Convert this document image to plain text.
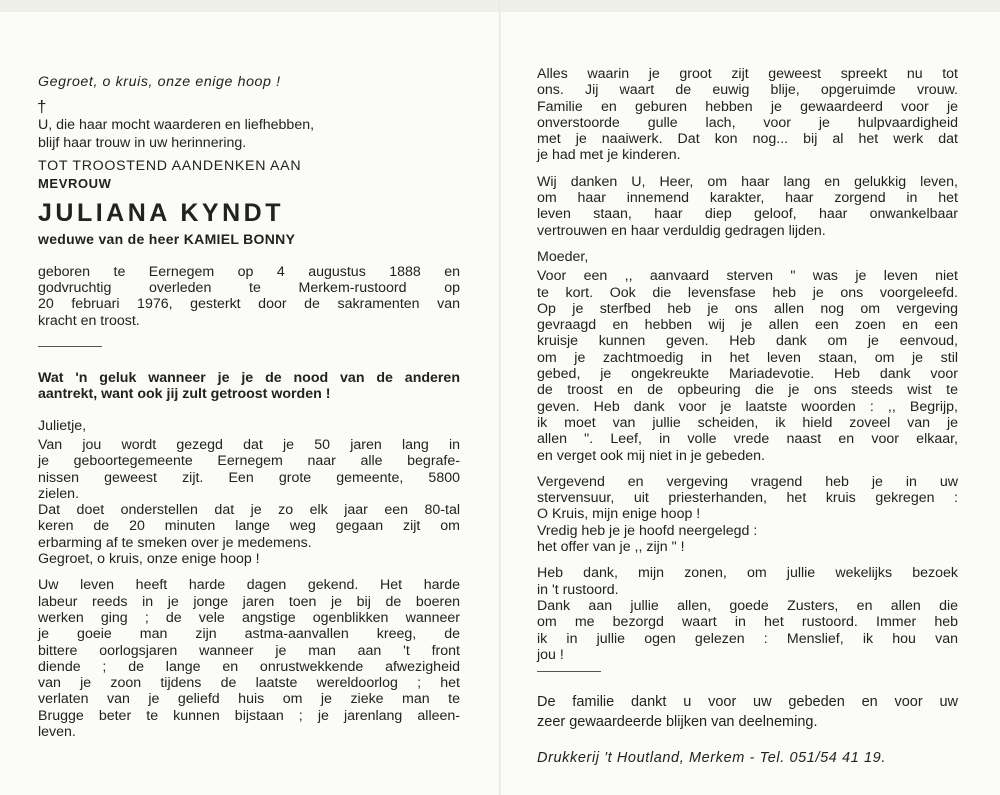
Gegroet, o kruis, onze enige hoop !

†

U, die haar mocht waarderen en liefhebben,

blijf haar trouw in uw herinnering.

TOT TROOSTEND AANDENKEN AAN

MEVROUW

JULIANA KYNDT

weduwe van de heer KAMIEL BONNY

geboren te Eernegem op 4 augustus 1888 en

godvruchtig overleden te Merkem-rustoord op

20 februari 1976, gesterkt door de sakramenten van

kracht en troost.

Wat 'n geluk wanneer je je de nood van de anderen

aantrekt, want ook jij zult getroost worden !

Julietje,

Van jou wordt gezegd dat je 50 jaren lang in

je geboortegemeente Eernegem naar alle begrafe-

nissen geweest zijt. Een grote gemeente, 5800

zielen.

Dat doet onderstellen dat je zo elk jaar een 80-tal

keren de 20 minuten lange weg gegaan zijt om

erbarming af te smeken over je medemens.

Gegroet, o kruis, onze enige hoop !

Uw leven heeft harde dagen gekend. Het harde

labeur reeds in je jonge jaren toen je bij de boeren

werken ging ; de vele angstige ogenblikken wanneer

je goeie man zijn astma-aanvallen kreeg, de

bittere oorlogsjaren wanneer je man aan 't front

diende ; de lange en onrustwekkende afwezigheid

van je zoon tijdens de laatste wereldoorlog ; het

verlaten van je geliefd huis om je zieke man te

Brugge beter te kunnen bijstaan ; je jarenlang alleen-

leven.

Alles waarin je groot zijt geweest spreekt nu tot

ons. Jij waart de euwig blije, opgeruimde vrouw.

Familie en geburen hebben je gewaardeerd voor je

onverstoorde gulle lach, voor je hulpvaardigheid

met je naaiwerk. Dat kon nog... bij al het werk dat

je had met je kinderen.

Wij danken U, Heer, om haar lang en gelukkig leven,

om haar innemend karakter, haar zorgend in het

leven staan, haar diep geloof, haar onwankelbaar

vertrouwen en haar verduldig gedragen lijden.

Moeder,

Voor een ,, aanvaard sterven " was je leven niet

te kort. Ook die levensfase heb je ons voorgeleefd.

Op je sterfbed heb je ons allen nog om vergeving

gevraagd en hebben wij je allen een zoen en een

kruisje kunnen geven. Heb dank om je eenvoud,

om je zachtmoedig in het leven staan, om je stil

gebed, je ongekreukte Mariadevotie. Heb dank voor

de troost en de opbeuring die je ons steeds wist te

geven. Heb dank voor je laatste woorden : ,, Begrijp,

ik moet van jullie scheiden, ik hield zoveel van je

allen ". Leef, in volle vrede naast en voor elkaar,

en verget ook mij niet in je gebeden.

Vergevend en vergeving vragend heb je in uw

stervensuur, uit priesterhanden, het kruis gekregen :

O Kruis, mijn enige hoop !

Vredig heb je je hoofd neergelegd :

het offer van je ,, zijn " !

Heb dank, mijn zonen, om jullie wekelijks bezoek

in 't rustoord.

Dank aan jullie allen, goede Zusters, en allen die

om me bezorgd waart in het rustoord. Immer heb

ik in jullie ogen gelezen : Menslief, ik hou van

jou !

De familie dankt u voor uw gebeden en voor uw

zeer gewaardeerde blijken van deelneming.

Drukkerij 't Houtland, Merkem - Tel. 051/54 41 19.
